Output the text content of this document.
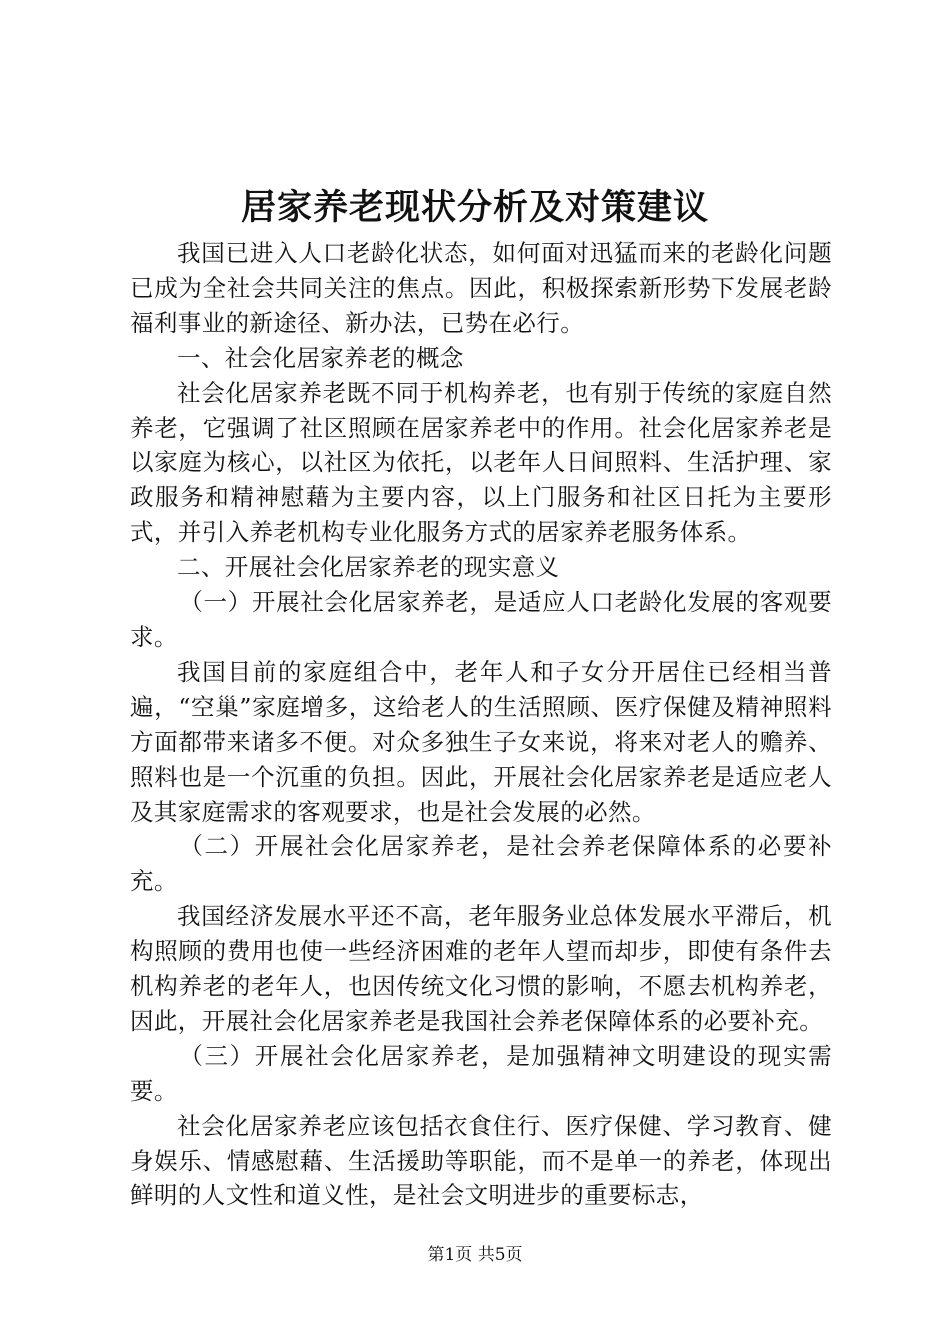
居家养老现状分析及对策建议

我国已进入人口老龄化状态，如何面对迅猛而来的老龄化问题已成为全社会共同关注的焦点。因此，积极探索新形势下发展老龄福利事业的新途径、新办法，已势在必行。

一、社会化居家养老的概念

社会化居家养老既不同于机构养老，也有别于传统的家庭自然养老，它强调了社区照顾在居家养老中的作用。社会化居家养老是以家庭为核心，以社区为依托，以老年人日间照料、生活护理、家政服务和精神慰藉为主要内容，以上门服务和社区日托为主要形式，并引入养老机构专业化服务方式的居家养老服务体系。

二、开展社会化居家养老的现实意义

（一）开展社会化居家养老，是适应人口老龄化发展的客观要求。

我国目前的家庭组合中，老年人和子女分开居住已经相当普遍，“空巢”家庭增多，这给老人的生活照顾、医疗保健及精神照料方面都带来诸多不便。对众多独生子女来说，将来对老人的赡养、照料也是一个沉重的负担。因此，开展社会化居家养老是适应老人及其家庭需求的客观要求，也是社会发展的必然。

（二）开展社会化居家养老，是社会养老保障体系的必要补充。

我国经济发展水平还不高，老年服务业总体发展水平滞后，机构照顾的费用也使一些经济困难的老年人望而却步，即使有条件去机构养老的老年人，也因传统文化习惯的影响，不愿去机构养老，因此，开展社会化居家养老是我国社会养老保障体系的必要补充。

（三）开展社会化居家养老，是加强精神文明建设的现实需要。

社会化居家养老应该包括衣食住行、医疗保健、学习教育、健身娱乐、情感慰藉、生活援助等职能，而不是单一的养老，体现出鲜明的人文性和道义性，是社会文明进步的重要标志，

第1页 共5页
